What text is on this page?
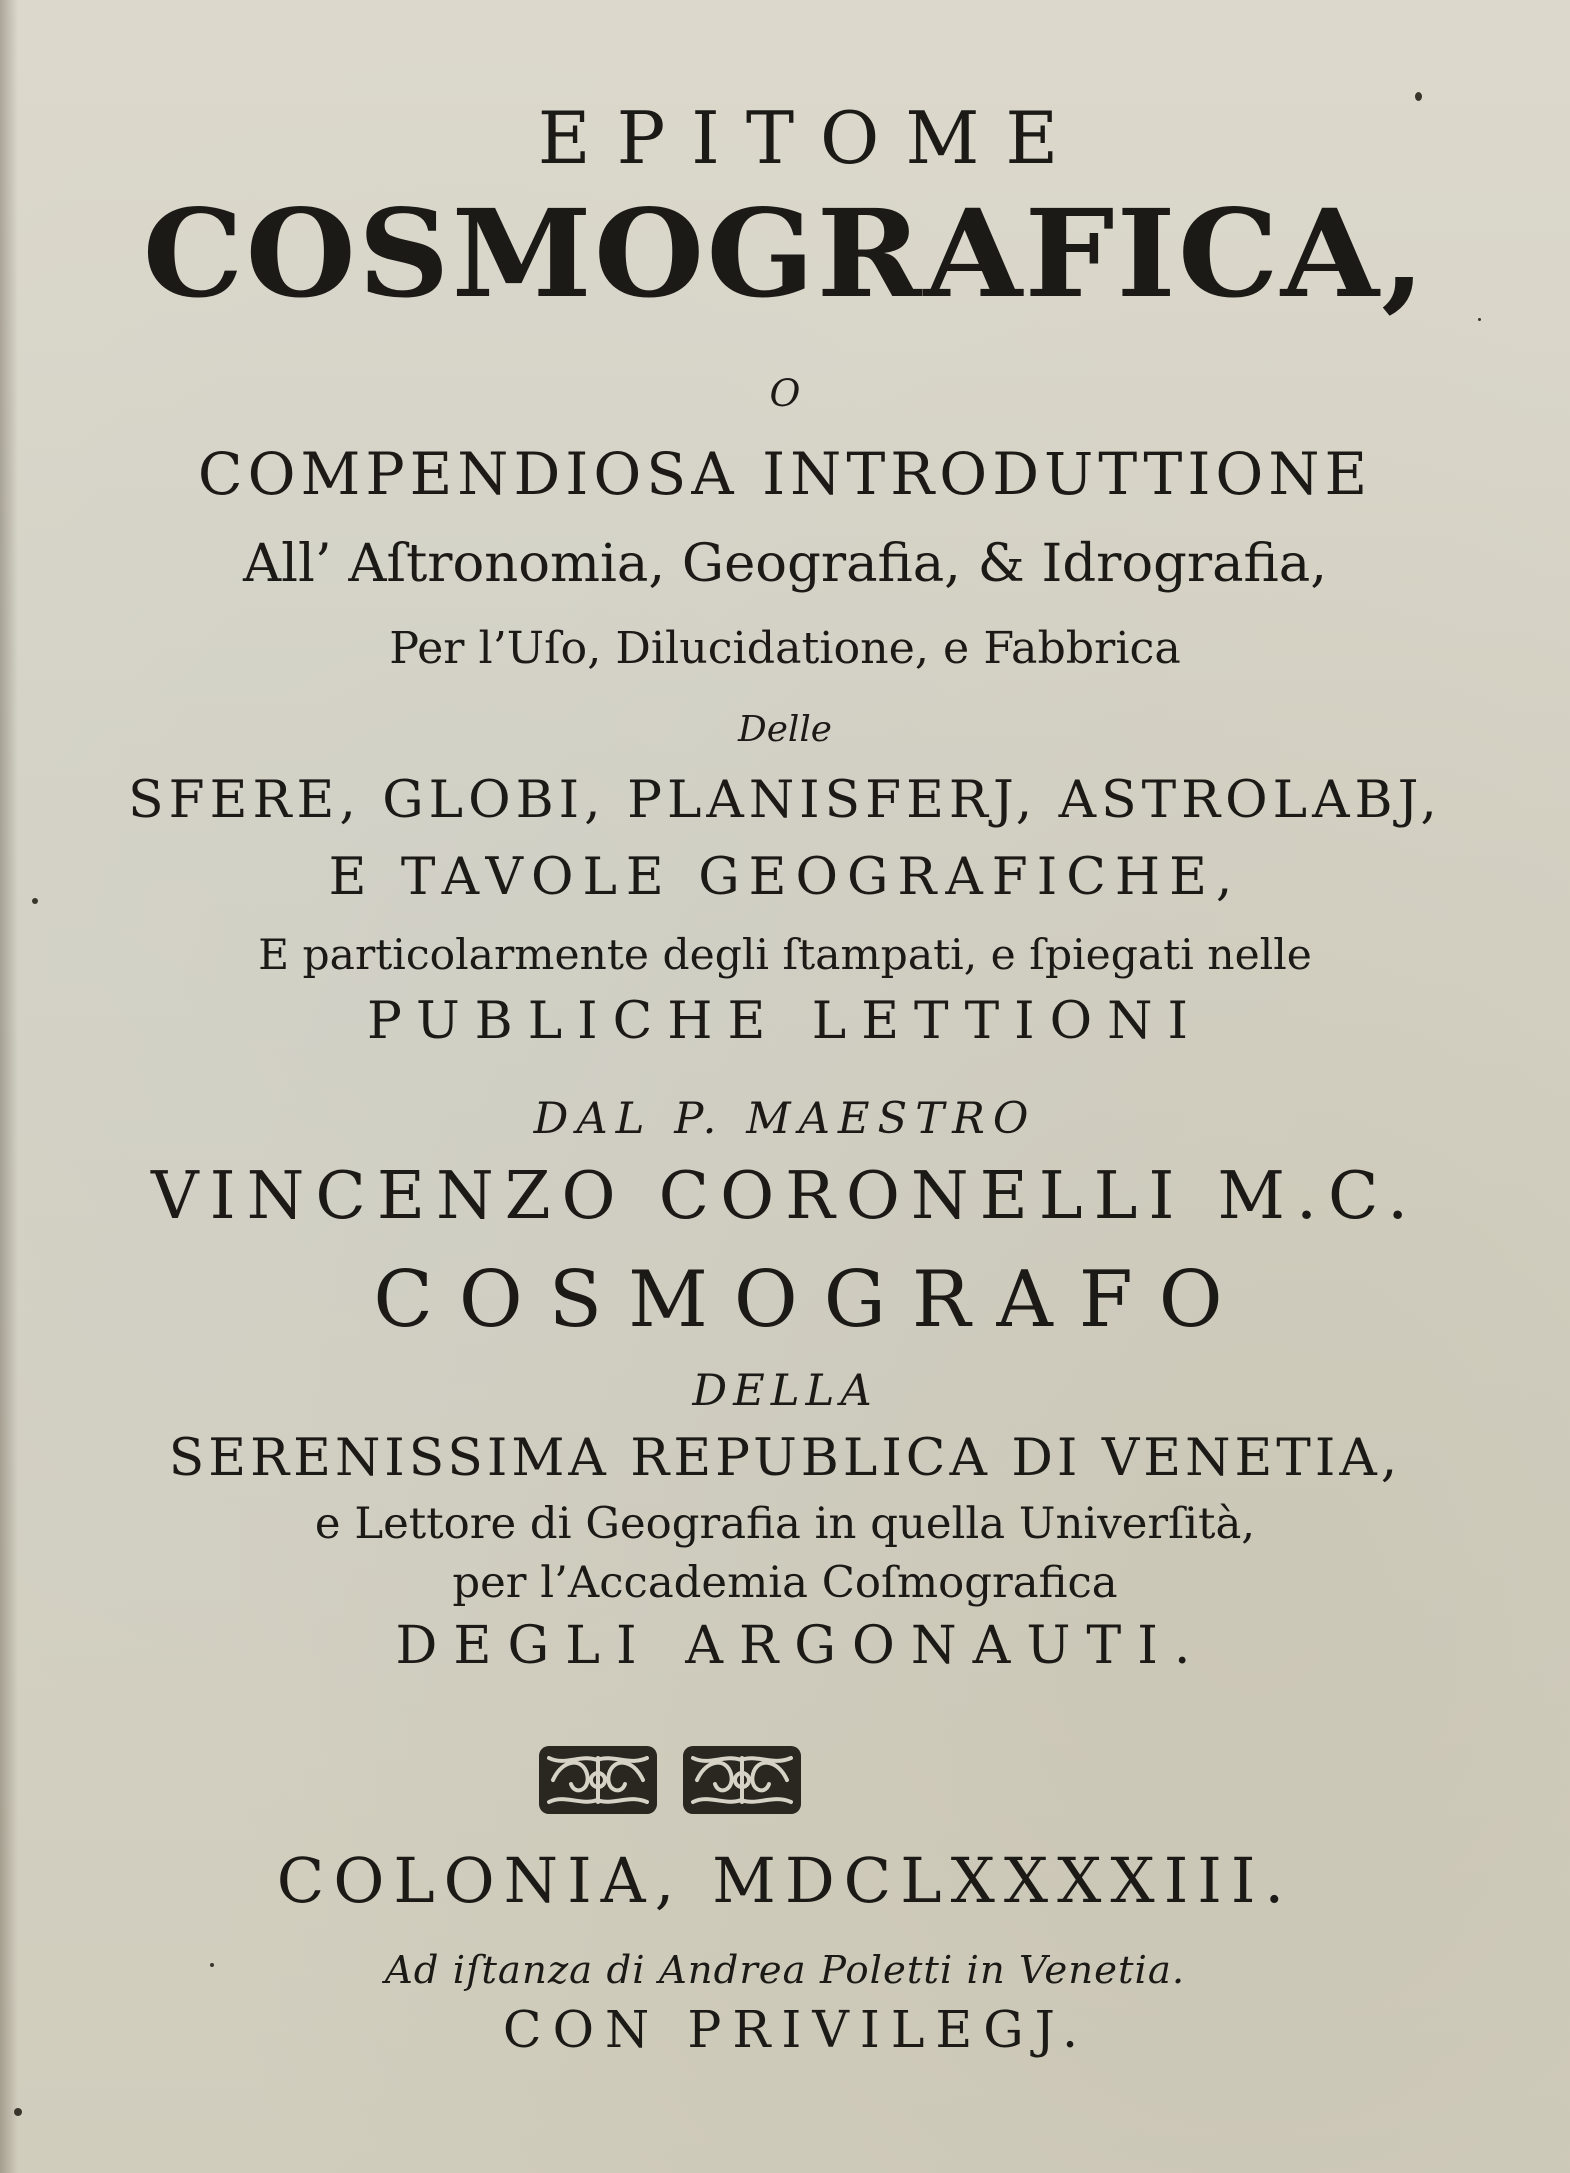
EPITOME
COSMOGRAFICA,
O
COMPENDIOSA INTRODUTTIONE
All’ Aſtronomia, Geografia, & Idrografia,
Per l’Uſo, Dilucidatione, e Fabbrica
Delle
SFERE, GLOBI, PLANISFERJ, ASTROLABJ,
E TAVOLE GEOGRAFICHE,
E particolarmente degli ſtampati, e ſpiegati nelle
PUBLICHE LETTIONI
DAL P. MAESTRO
VINCENZO CORONELLI M.C.
COSMOGRAFO
DELLA
SERENISSIMA REPUBLICA DI VENETIA,
e Lettore di Geografia in quella Univerſità,
per l’Accademia Coſmografica
DEGLI ARGONAUTI.
COLONIA, MDCLXXXXIII.
Ad iſtanza di Andrea Poletti in Venetia.
CON PRIVILEGJ.
